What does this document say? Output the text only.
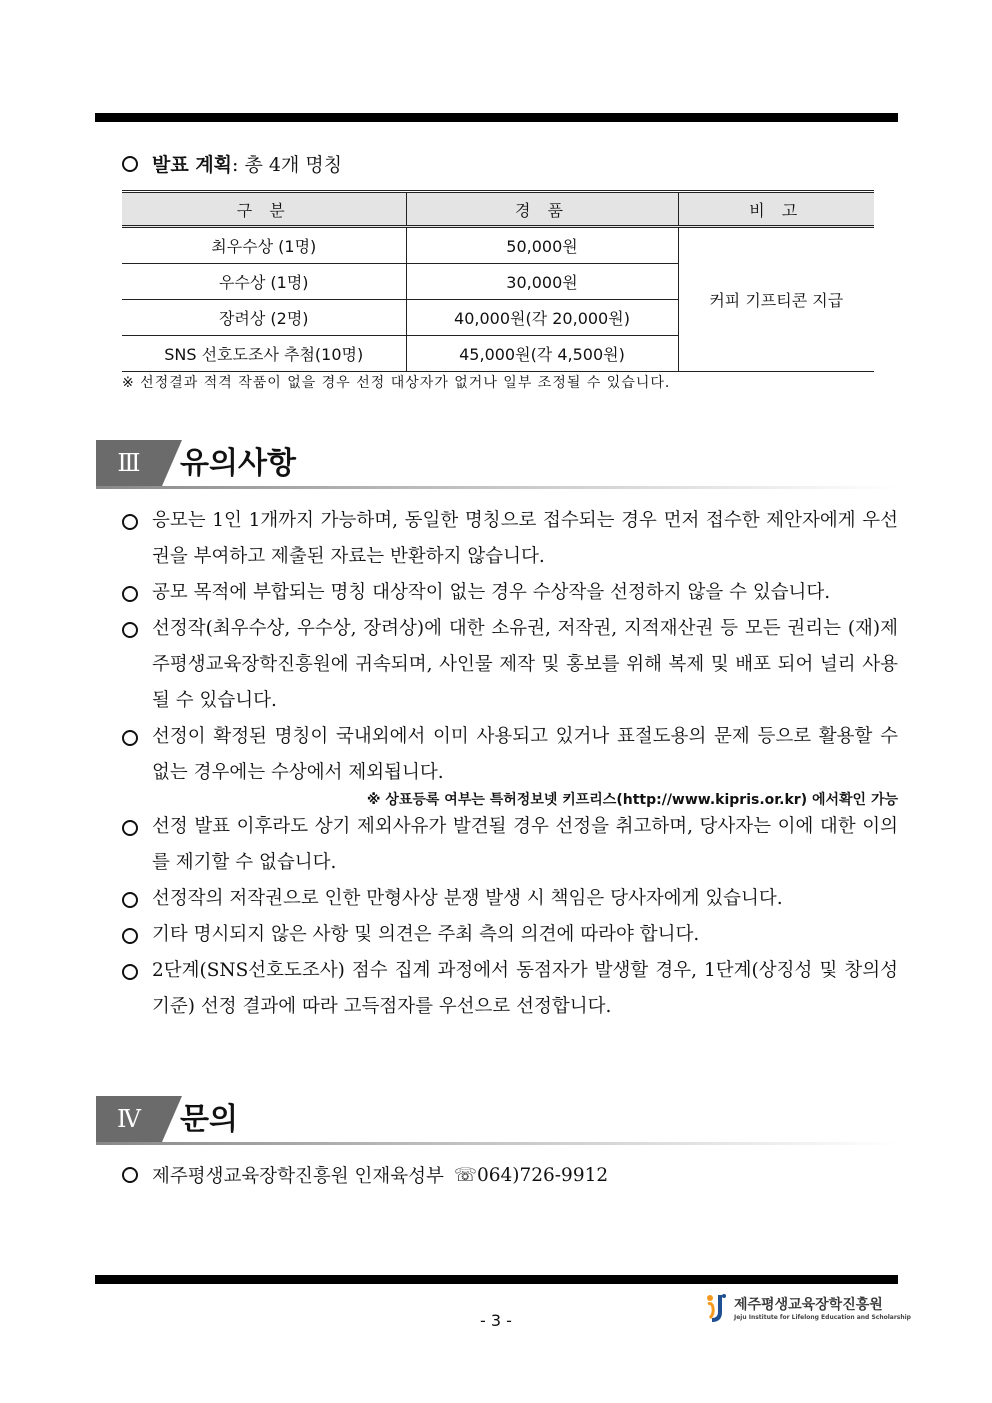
발표 계획 : 총 4개 명칭
구 분	경 품	비 고
최우수상 (1명)	50,000원	커피 기프티콘 지급
우수상 (1명)	30,000원	
장려상 (2명)	40,000원(각 20,000원)	
SNS 선호도조사 추첨(10명)	45,000원(각 4,500원)	
※ 선정결과 적격 작품이 없을 경우 선정 대상자가 없거나 일부 조정될 수 있습니다.
Ⅲ	유의사항
응모는 1인 1개까지 가능하며, 동일한 명칭으로 접수되는 경우 먼저 접수한 제안자에게 우선권을 부여하고 제출된 자료는 반환하지 않습니다.
공모 목적에 부합되는 명칭 대상작이 없는 경우 수상작을 선정하지 않을 수 있습니다.
선정작(최우수상, 우수상, 장려상)에 대한 소유권, 저작권, 지적재산권 등 모든 권리는 (재)제주평생교육장학진흥원에 귀속되며, 사인물 제작 및 홍보를 위해 복제 및 배포 되어 널리 사용될 수 있습니다.
선정이 확정된 명칭이 국내외에서 이미 사용되고 있거나 표절도용의 문제 등으로 활용할 수 없는 경우에는 수상에서 제외됩니다.
※ 상표등록 여부는 특허정보넷 키프리스(http://www.kipris.or.kr) 에서확인 가능
선정 발표 이후라도 상기 제외사유가 발견될 경우 선정을 취고하며, 당사자는 이에 대한 이의를 제기할 수 없습니다.
선정작의 저작권으로 인한 만형사상 분쟁 발생 시 책임은 당사자에게 있습니다.
기타 명시되지 않은 사항 및 의견은 주최 측의 의견에 따라야 합니다.
2단계(SNS선호도조사) 점수 집계 과정에서 동점자가 발생할 경우, 1단계(상징성 및 창의성 기준) 선정 결과에 따라 고득점자를 우선으로 선정합니다.
Ⅳ	문의
제주평생교육장학진흥원 인재육성부 ☏064)726-9912
- 3 -
제주평생교육장학진흥원
Jeju Institute for Lifelong Education and Scholarship
